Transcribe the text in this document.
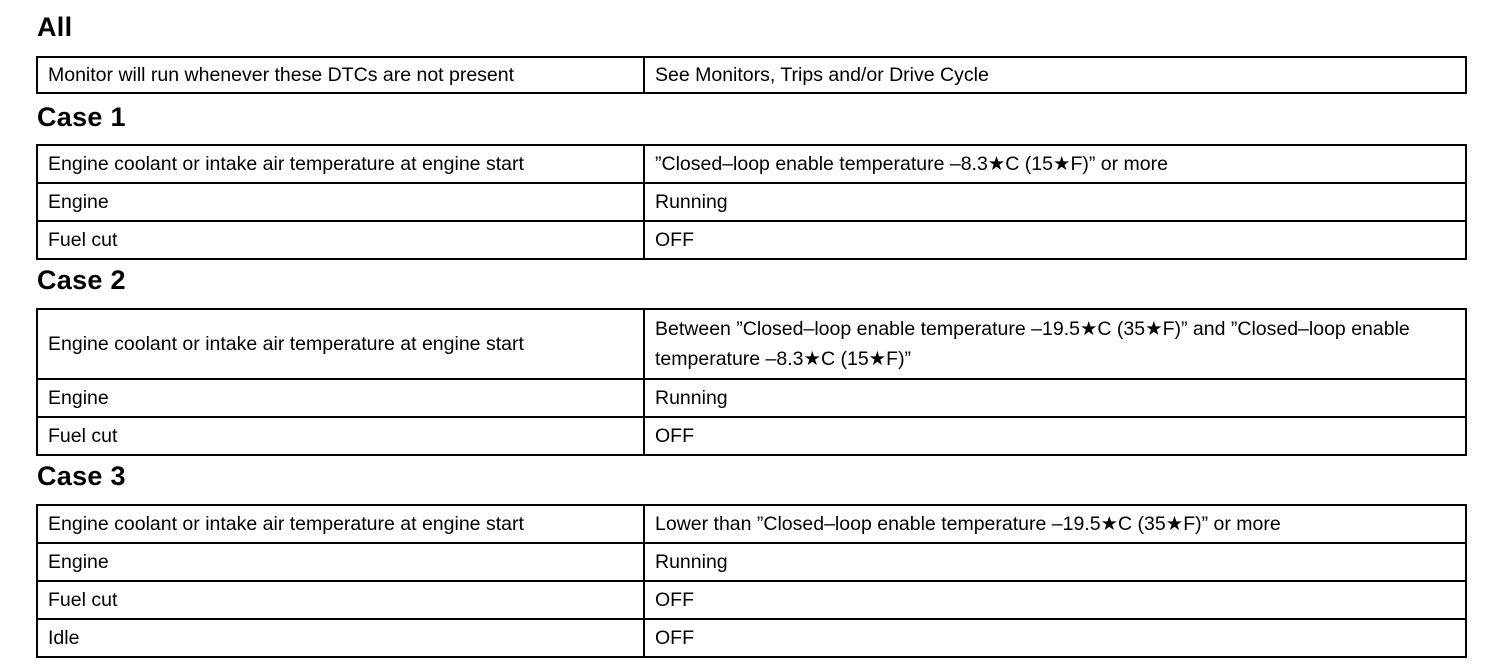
All
Monitor will run whenever these DTCs are not present	See Monitors, Trips and/or Drive Cycle
Case 1
Engine coolant or intake air temperature at engine start	”Closed–loop enable temperature –8.3★C (15★F)” or more
Engine	Running
Fuel cut	OFF
Case 2
Engine coolant or intake air temperature at engine start	Between ”Closed–loop enable temperature –19.5★C (35★F)” and ”Closed–loop enable temperature –8.3★C (15★F)”
Engine	Running
Fuel cut	OFF
Case 3
Engine coolant or intake air temperature at engine start	Lower than ”Closed–loop enable temperature –19.5★C (35★F)” or more
Engine	Running
Fuel cut	OFF
Idle	OFF
